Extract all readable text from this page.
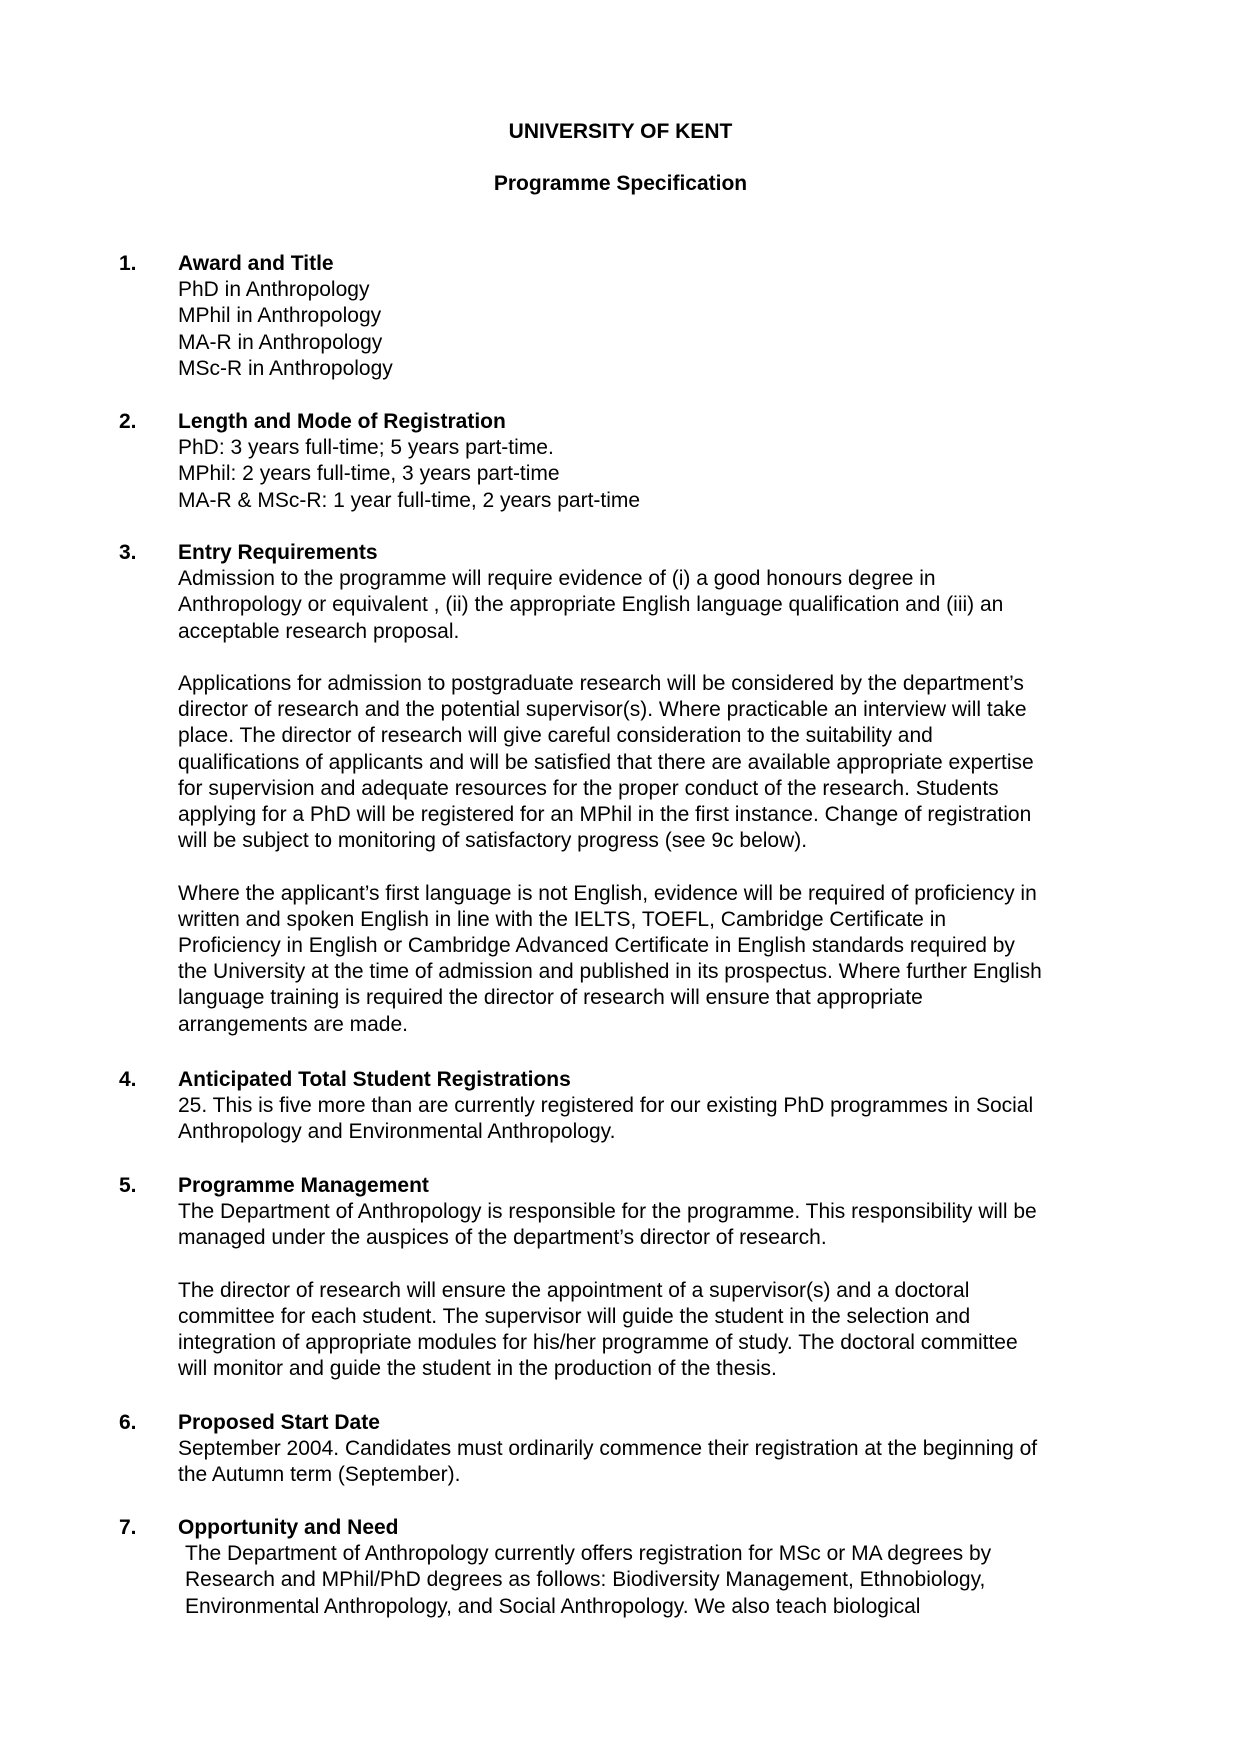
UNIVERSITY OF KENT
Programme Specification
1. Award and Title
PhD in Anthropology
MPhil in Anthropology
MA-R in Anthropology
MSc-R in Anthropology
2. Length and Mode of Registration
PhD: 3 years full-time; 5 years part-time.
MPhil: 2 years full-time, 3 years part-time
MA-R & MSc-R: 1 year full-time, 2 years part-time
3. Entry Requirements
Admission to the programme will require evidence of (i) a good honours degree in
Anthropology or equivalent , (ii) the appropriate English language qualification and (iii) an
acceptable research proposal.
Applications for admission to postgraduate research will be considered by the department’s
director of research and the potential supervisor(s). Where practicable an interview will take
place. The director of research will give careful consideration to the suitability and
qualifications of applicants and will be satisfied that there are available appropriate expertise
for supervision and adequate resources for the proper conduct of the research. Students
applying for a PhD will be registered for an MPhil in the first instance. Change of registration
will be subject to monitoring of satisfactory progress (see 9c below).
Where the applicant’s first language is not English, evidence will be required of proficiency in
written and spoken English in line with the IELTS, TOEFL, Cambridge Certificate in
Proficiency in English or Cambridge Advanced Certificate in English standards required by
the University at the time of admission and published in its prospectus. Where further English
language training is required the director of research will ensure that appropriate
arrangements are made.
4. Anticipated Total Student Registrations
25. This is five more than are currently registered for our existing PhD programmes in Social
Anthropology and Environmental Anthropology.
5. Programme Management
The Department of Anthropology is responsible for the programme. This responsibility will be
managed under the auspices of the department’s director of research.
The director of research will ensure the appointment of a supervisor(s) and a doctoral
committee for each student. The supervisor will guide the student in the selection and
integration of appropriate modules for his/her programme of study. The doctoral committee
will monitor and guide the student in the production of the thesis.
6. Proposed Start Date
September 2004. Candidates must ordinarily commence their registration at the beginning of
the Autumn term (September).
7. Opportunity and Need
The Department of Anthropology currently offers registration for MSc or MA degrees by
Research and MPhil/PhD degrees as follows: Biodiversity Management, Ethnobiology,
Environmental Anthropology, and Social Anthropology. We also teach biological
